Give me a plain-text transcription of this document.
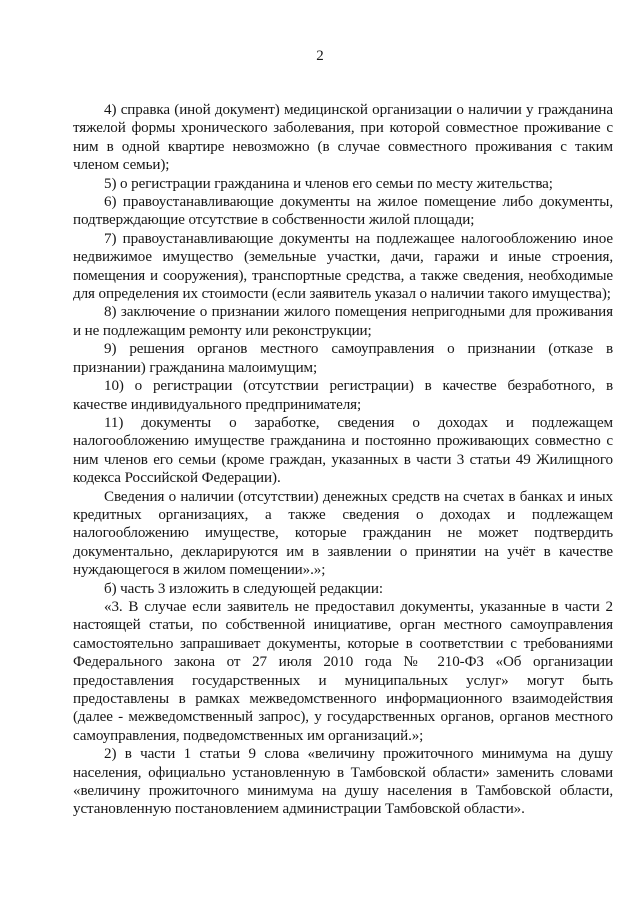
2

4) справка (иной документ) медицинской организации о наличии у гражданина тяжелой формы хронического заболевания, при которой совместное проживание с ним в одной квартире невозможно (в случае совместного проживания с таким членом семьи);

5) о регистрации гражданина и членов его семьи по месту жительства;

6) правоустанавливающие документы на жилое помещение либо документы, подтверждающие отсутствие в собственности жилой площади;

7) правоустанавливающие документы на подлежащее налогообложению иное недвижимое имущество (земельные участки, дачи, гаражи и иные строения, помещения и сооружения), транспортные средства, а также сведения, необходимые для определения их стоимости (если заявитель указал о наличии такого имущества);

8) заключение о признании жилого помещения непригодными для проживания и не подлежащим ремонту или реконструкции;

9) решения органов местного самоуправления о признании (отказе в признании) гражданина малоимущим;

10) о регистрации (отсутствии регистрации) в качестве безработного, в качестве индивидуального предпринимателя;

11) документы о заработке, сведения о доходах и подлежащем налогообложению имуществе гражданина и постоянно проживающих совместно с ним членов его семьи (кроме граждан, указанных в части 3 статьи 49 Жилищного кодекса Российской Федерации).

Сведения о наличии (отсутствии) денежных средств на счетах в банках и иных кредитных организациях, а также сведения о доходах и подлежащем налогообложению имуществе, которые гражданин не может подтвердить документально, декларируются им в заявлении о принятии на учёт в качестве нуждающегося в жилом помещении».»;

б) часть 3 изложить в следующей редакции:

«3. В случае если заявитель не предоставил документы, указанные в части 2 настоящей статьи, по собственной инициативе, орган местного самоуправления самостоятельно запрашивает документы, которые в соответствии с требованиями Федерального закона от 27 июля 2010 года № 210-ФЗ «Об организации предоставления государственных и муниципальных услуг» могут быть предоставлены в рамках межведомственного информационного взаимодействия (далее - межведомственный запрос), у государственных органов, органов местного самоуправления, подведомственных им организаций.»;

2) в части 1 статьи 9 слова «величину прожиточного минимума на душу населения, официально установленную в Тамбовской области» заменить словами «величину прожиточного минимума на душу населения в Тамбовской области, установленную постановлением администрации Тамбовской области».
